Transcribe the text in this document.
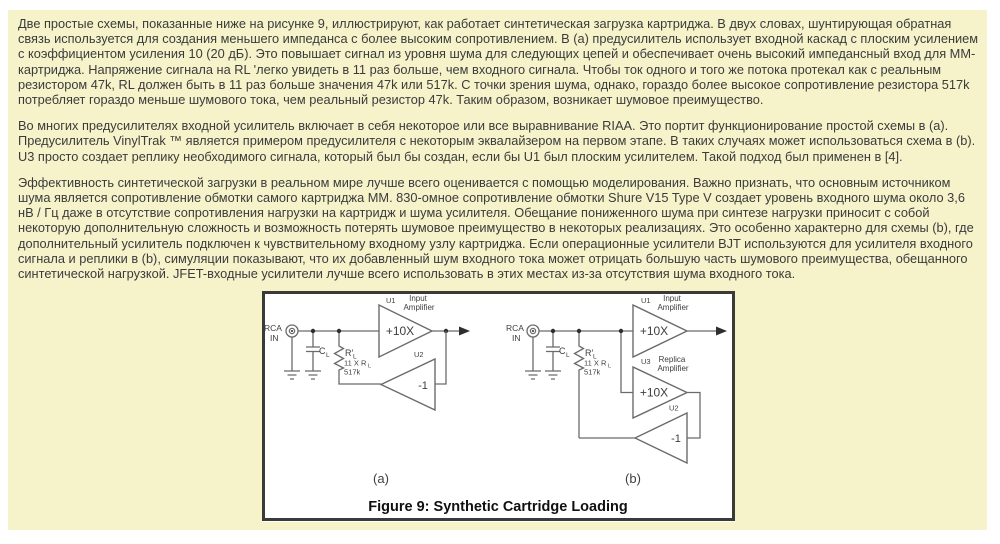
Две простые схемы, показанные ниже на рисунке 9, иллюстрируют, как работает синтетическая загрузка картриджа. В двух словах, шунтирующая обратная связь используется для создания меньшего импеданса с более высоким сопротивлением. В (а) предусилитель использует входной каскад с плоским усилением с коэффициентом усиления 10 (20 дБ). Это повышает сигнал из уровня шума для следующих цепей и обеспечивает очень высокий импедансный вход для ММ-картриджа. Напряжение сигнала на RL 'легко увидеть в 11 раз больше, чем входного сигнала. Чтобы ток одного и того же потока протекал как с реальным резистором 47k, RL должен быть в 11 раз больше значения 47k или 517k. С точки зрения шума, однако, гораздо более высокое сопротивление резистора 517k потребляет гораздо меньше шумового тока, чем реальный резистор 47k. Таким образом, возникает шумовое преимущество.

Во многих предусилителях входной усилитель включает в себя некоторое или все выравнивание RIAA. Это портит функционирование простой схемы в (а). Предусилитель VinylTrak ™ является примером предусилителя с некоторым эквалайзером на первом этапе. В таких случаях может использоваться схема в (b). U3 просто создает реплику необходимого сигнала, который был бы создан, если бы U1 был плоским усилителем. Такой подход был применен в [4].

Эффективность синтетической загрузки в реальном мире лучше всего оценивается с помощью моделирования. Важно признать, что основным источником шума является сопротивление обмотки самого картриджа ММ. 830-омное сопротивление обмотки Shure V15 Type V создает уровень входного шума около 3,6 нВ / Гц даже в отсутствие сопротивления нагрузки на картридж и шума усилителя. Обещание пониженного шума при синтезе нагрузки приносит с собой некоторую дополнительную сложность и возможность потерять шумовое преимущество в некоторых реализациях. Это особенно характерно для схемы (b), где дополнительный усилитель подключен к чувствительному входному узлу картриджа. Если операционные усилители BJT используются для усилителя входного сигнала и реплики в (b), симуляции показывают, что их добавленный шум входного тока может отрицать большую часть шумового преимущества, обещанного синтетической нагрузкой. JFET-входные усилители лучше всего использовать в этих местах из-за отсутствия шума входного тока.

RCA
IN
C L R′ L
11 X R L
517k
U1 Input
Amplifier
+10X
U2
-1
(a)
RCA
IN
C L R′ L
11 X R L
517k
U1 Input
Amplifier
+10X
U3 Replica
Amplifier
+10X
U2
-1
(b)
Figure 9: Synthetic Cartridge Loading
